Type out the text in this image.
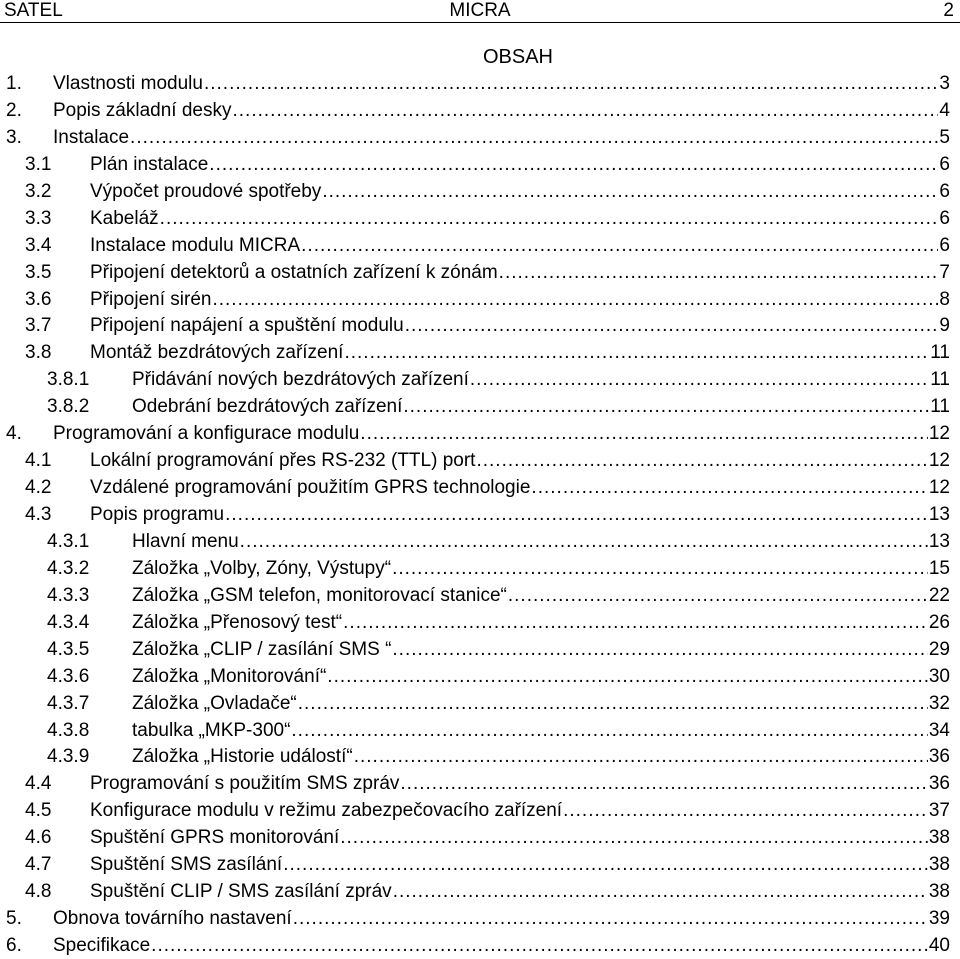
MICRA
SATEL	2
OBSAH
1. Vlastnosti modulu .....	3
2. Popis základní desky .....	4
3. Instalace .....	5
3.1 Plán instalace .....	6
3.2 Výpočet proudové spotřeby .....	6
3.3 Kabeláž .....	6
3.4 Instalace modulu MICRA .....	6
3.5 Připojení detektorů a ostatních zařízení k zónám .....	7
3.6 Připojení sirén .....	8
3.7 Připojení napájení a spuštění modulu .....	9
3.8 Montáž bezdrátových zařízení .....	11
3.8.1 Přidávání nových bezdrátových zařízení .....	11
3.8.2 Odebrání bezdrátových zařízení .....	11
4. Programování a konfigurace modulu .....	12
4.1 Lokální programování přes RS-232 (TTL) port .....	12
4.2 Vzdálené programování použitím GPRS technologie .....	12
4.3 Popis programu .....	13
4.3.1 Hlavní menu .....	13
4.3.2 Záložka „Volby, Zóny, Výstupy“ .....	15
4.3.3 Záložka „GSM telefon, monitorovací stanice“ .....	22
4.3.4 Záložka „Přenosový test“ .....	26
4.3.5 Záložka „CLIP / zasílání SMS “ .....	29
4.3.6 Záložka „Monitorování“ .....	30
4.3.7 Záložka „Ovladače“ .....	32
4.3.8 tabulka „MKP-300“ .....	34
4.3.9 Záložka „Historie událostí“ .....	36
4.4 Programování s použitím SMS zpráv .....	36
4.5 Konfigurace modulu v režimu zabezpečovacího zařízení .....	37
4.6 Spuštění GPRS monitorování .....	38
4.7 Spuštění SMS zasílání .....	38
4.8 Spuštění CLIP / SMS zasílání zpráv .....	38
5. Obnova továrního nastavení .....	39
6. Specifikace .....	40
